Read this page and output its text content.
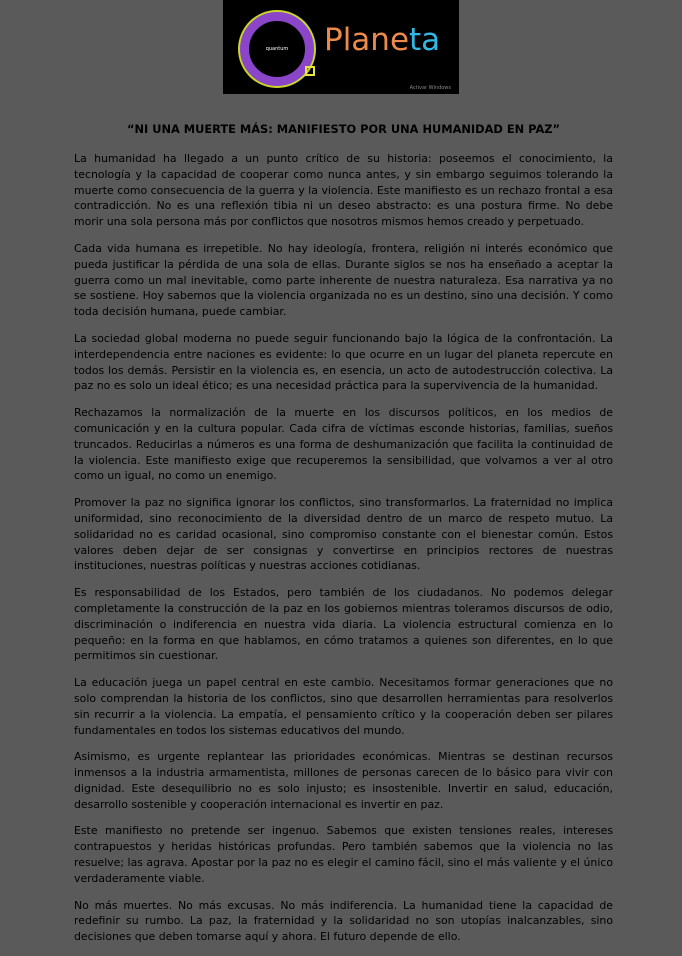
quantum	Planeta
Activar Windows
“NI UNA MUERTE MÁS: MANIFIESTO POR UNA HUMANIDAD EN PAZ”

La humanidad ha llegado a un punto crítico de su historia: poseemos el conocimiento, la tecnología y la capacidad de cooperar como nunca antes, y sin embargo seguimos tolerando la muerte como consecuencia de la guerra y la violencia. Este manifiesto es un rechazo frontal a esa contradicción. No es una reflexión tibia ni un deseo abstracto: es una postura firme. No debe morir una sola persona más por conflictos que nosotros mismos hemos creado y perpetuado.

Cada vida humana es irrepetible. No hay ideología, frontera, religión ni interés económico que pueda justificar la pérdida de una sola de ellas. Durante siglos se nos ha enseñado a aceptar la guerra como un mal inevitable, como parte inherente de nuestra naturaleza. Esa narrativa ya no se sostiene. Hoy sabemos que la violencia organizada no es un destino, sino una decisión. Y como toda decisión humana, puede cambiar.

La sociedad global moderna no puede seguir funcionando bajo la lógica de la confrontación. La interdependencia entre naciones es evidente: lo que ocurre en un lugar del planeta repercute en todos los demás. Persistir en la violencia es, en esencia, un acto de autodestrucción colectiva. La paz no es solo un ideal ético; es una necesidad práctica para la supervivencia de la humanidad.

Rechazamos la normalización de la muerte en los discursos políticos, en los medios de comunicación y en la cultura popular. Cada cifra de víctimas esconde historias, familias, sueños truncados. Reducirlas a números es una forma de deshumanización que facilita la continuidad de la violencia. Este manifiesto exige que recuperemos la sensibilidad, que volvamos a ver al otro como un igual, no como un enemigo.

Promover la paz no significa ignorar los conflictos, sino transformarlos. La fraternidad no implica uniformidad, sino reconocimiento de la diversidad dentro de un marco de respeto mutuo. La solidaridad no es caridad ocasional, sino compromiso constante con el bienestar común. Estos valores deben dejar de ser consignas y convertirse en principios rectores de nuestras instituciones, nuestras políticas y nuestras acciones cotidianas.

Es responsabilidad de los Estados, pero también de los ciudadanos. No podemos delegar completamente la construcción de la paz en los gobiernos mientras toleramos discursos de odio, discriminación o indiferencia en nuestra vida diaria. La violencia estructural comienza en lo pequeño: en la forma en que hablamos, en cómo tratamos a quienes son diferentes, en lo que permitimos sin cuestionar.

La educación juega un papel central en este cambio. Necesitamos formar generaciones que no solo comprendan la historia de los conflictos, sino que desarrollen herramientas para resolverlos sin recurrir a la violencia. La empatía, el pensamiento crítico y la cooperación deben ser pilares fundamentales en todos los sistemas educativos del mundo.

Asimismo, es urgente replantear las prioridades económicas. Mientras se destinan recursos inmensos a la industria armamentista, millones de personas carecen de lo básico para vivir con dignidad. Este desequilibrio no es solo injusto; es insostenible. Invertir en salud, educación, desarrollo sostenible y cooperación internacional es invertir en paz.

Este manifiesto no pretende ser ingenuo. Sabemos que existen tensiones reales, intereses contrapuestos y heridas históricas profundas. Pero también sabemos que la violencia no las resuelve; las agrava. Apostar por la paz no es elegir el camino fácil, sino el más valiente y el único verdaderamente viable.

No más muertes. No más excusas. No más indiferencia. La humanidad tiene la capacidad de redefinir su rumbo. La paz, la fraternidad y la solidaridad no son utopías inalcanzables, sino decisiones que deben tomarse aquí y ahora. El futuro depende de ello.
